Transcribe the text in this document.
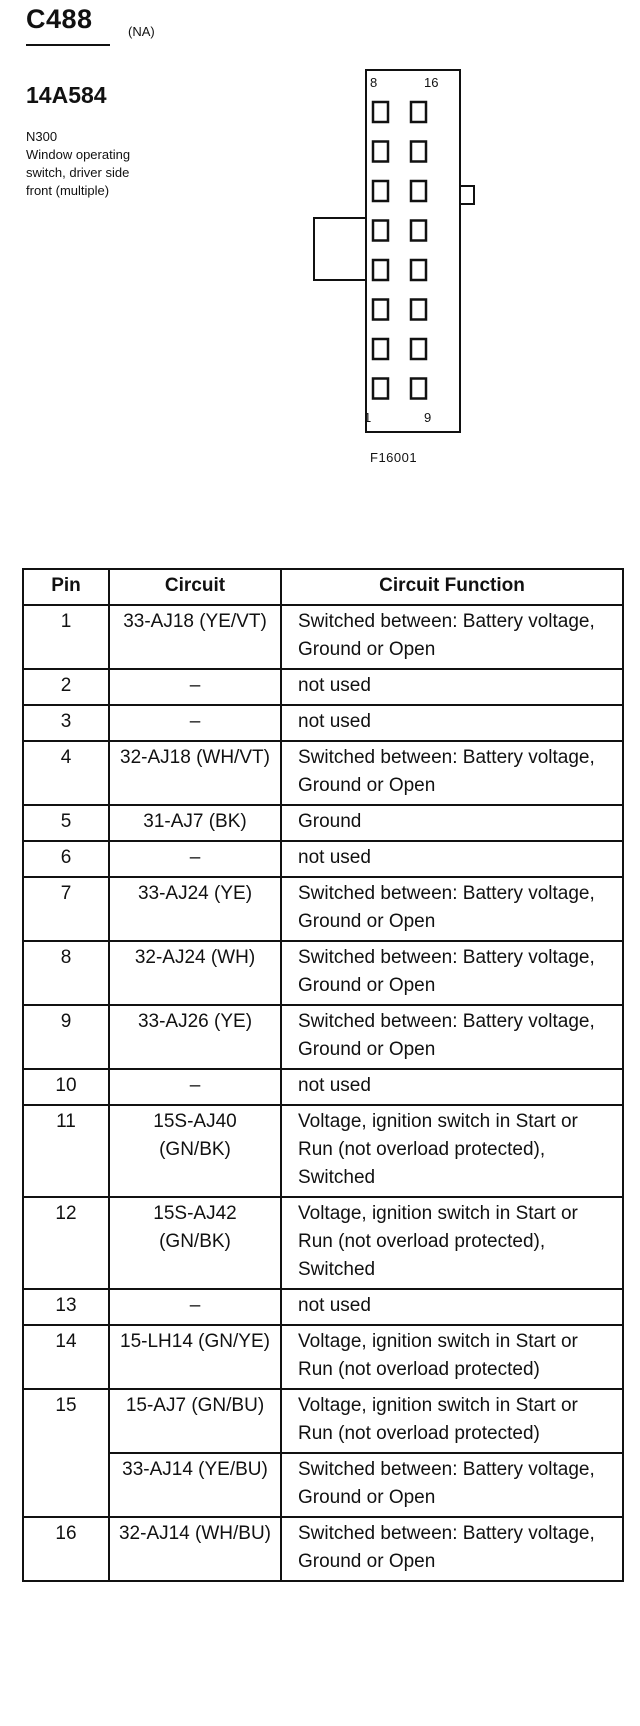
C488	(NA)
14A584
N300
Window operating
switch, driver side
front (multiple)
8	16
1	9
F16001
Pin	Circuit	Circuit Function
1	33-AJ18 (YE/VT)	Switched between: Battery voltage, Ground or Open
2	–	not used
3	–	not used
4	32-AJ18 (WH/VT)	Switched between: Battery voltage, Ground or Open
5	31-AJ7 (BK)	Ground
6	–	not used
7	33-AJ24 (YE)	Switched between: Battery voltage, Ground or Open
8	32-AJ24 (WH)	Switched between: Battery voltage, Ground or Open
9	33-AJ26 (YE)	Switched between: Battery voltage, Ground or Open
10	–	not used
11	15S-AJ40 (GN/BK)	Voltage, ignition switch in Start or Run (not overload protected), Switched
12	15S-AJ42 (GN/BK)	Voltage, ignition switch in Start or Run (not overload protected), Switched
13	–	not used
14	15-LH14 (GN/YE)	Voltage, ignition switch in Start or Run (not overload protected)
15	15-AJ7 (GN/BU)	Voltage, ignition switch in Start or Run (not overload protected)
	33-AJ14 (YE/BU)	Switched between: Battery voltage, Ground or Open
16	32-AJ14 (WH/BU)	Switched between: Battery voltage, Ground or Open
